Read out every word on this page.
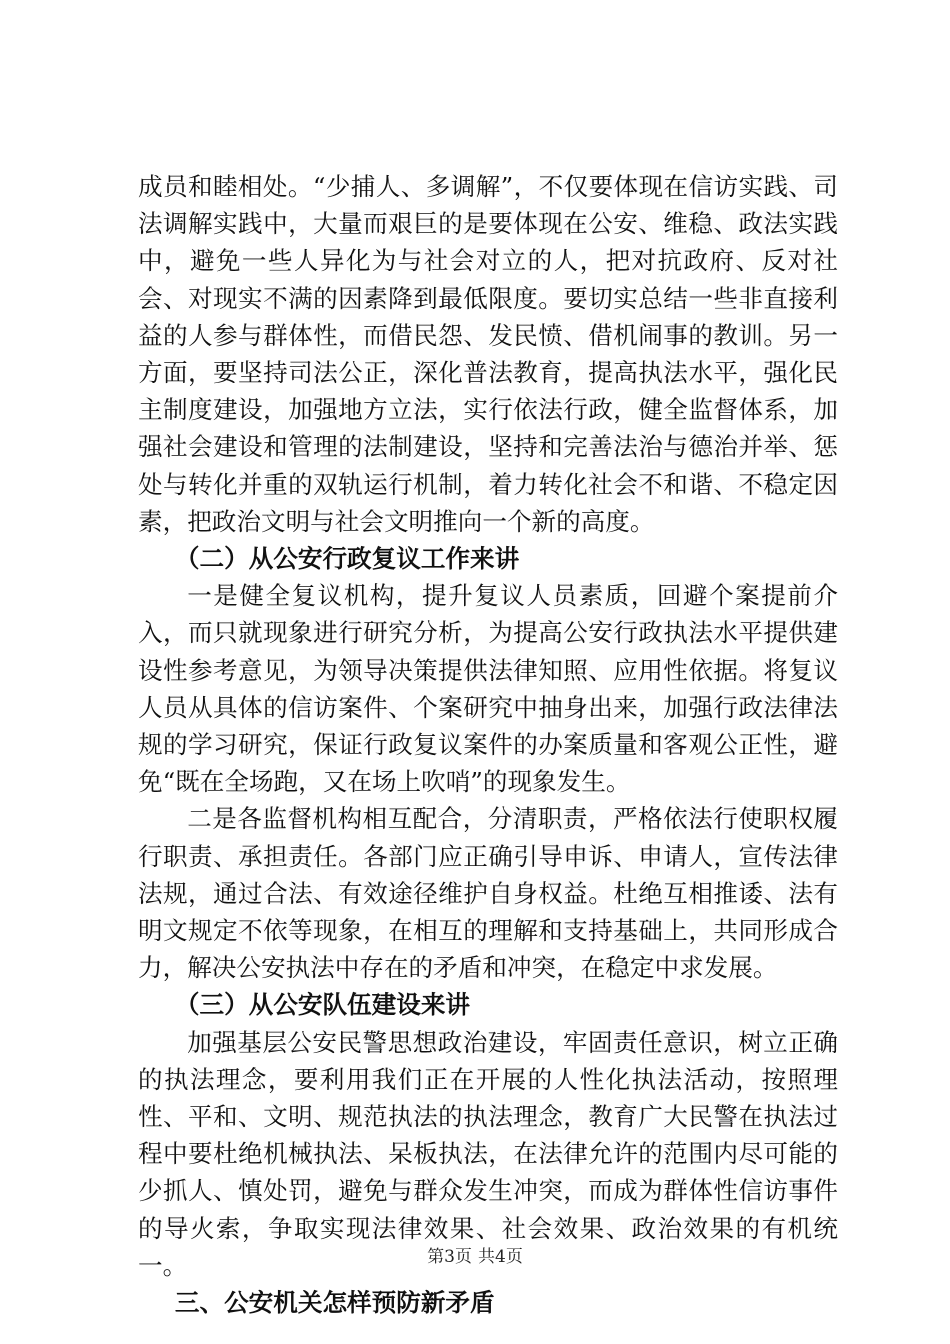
成员和睦相处。“少捕人、多调解”，不仅要体现在信访实践、司法调解实践中，大量而艰巨的是要体现在公安、维稳、政法实践中，避免一些人异化为与社会对立的人，把对抗政府、反对社会、对现实不满的因素降到最低限度。要切实总结一些非直接利益的人参与群体性，而借民怨、发民愤、借机闹事的教训。另一方面，要坚持司法公正，深化普法教育，提高执法水平，强化民主制度建设，加强地方立法，实行依法行政，健全监督体系，加强社会建设和管理的法制建设，坚持和完善法治与德治并举、惩处与转化并重的双轨运行机制，着力转化社会不和谐、不稳定因素，把政治文明与社会文明推向一个新的高度。

（二）从公安行政复议工作来讲

一是健全复议机构，提升复议人员素质，回避个案提前介入，而只就现象进行研究分析，为提高公安行政执法水平提供建设性参考意见，为领导决策提供法律知照、应用性依据。将复议人员从具体的信访案件、个案研究中抽身出来，加强行政法律法规的学习研究，保证行政复议案件的办案质量和客观公正性，避免“既在全场跑，又在场上吹哨”的现象发生。

二是各监督机构相互配合，分清职责，严格依法行使职权履行职责、承担责任。各部门应正确引导申诉、申请人，宣传法律法规，通过合法、有效途径维护自身权益。杜绝互相推诿、法有明文规定不依等现象，在相互的理解和支持基础上，共同形成合力，解决公安执法中存在的矛盾和冲突，在稳定中求发展。

（三）从公安队伍建设来讲

加强基层公安民警思想政治建设，牢固责任意识，树立正确的执法理念，要利用我们正在开展的人性化执法活动，按照理性、平和、文明、规范执法的执法理念，教育广大民警在执法过程中要杜绝机械执法、呆板执法，在法律允许的范围内尽可能的少抓人、慎处罚，避免与群众发生冲突，而成为群体性信访事件的导火索，争取实现法律效果、社会效果、政治效果的有机统一。

三、公安机关怎样预防新矛盾

第3页 共4页
